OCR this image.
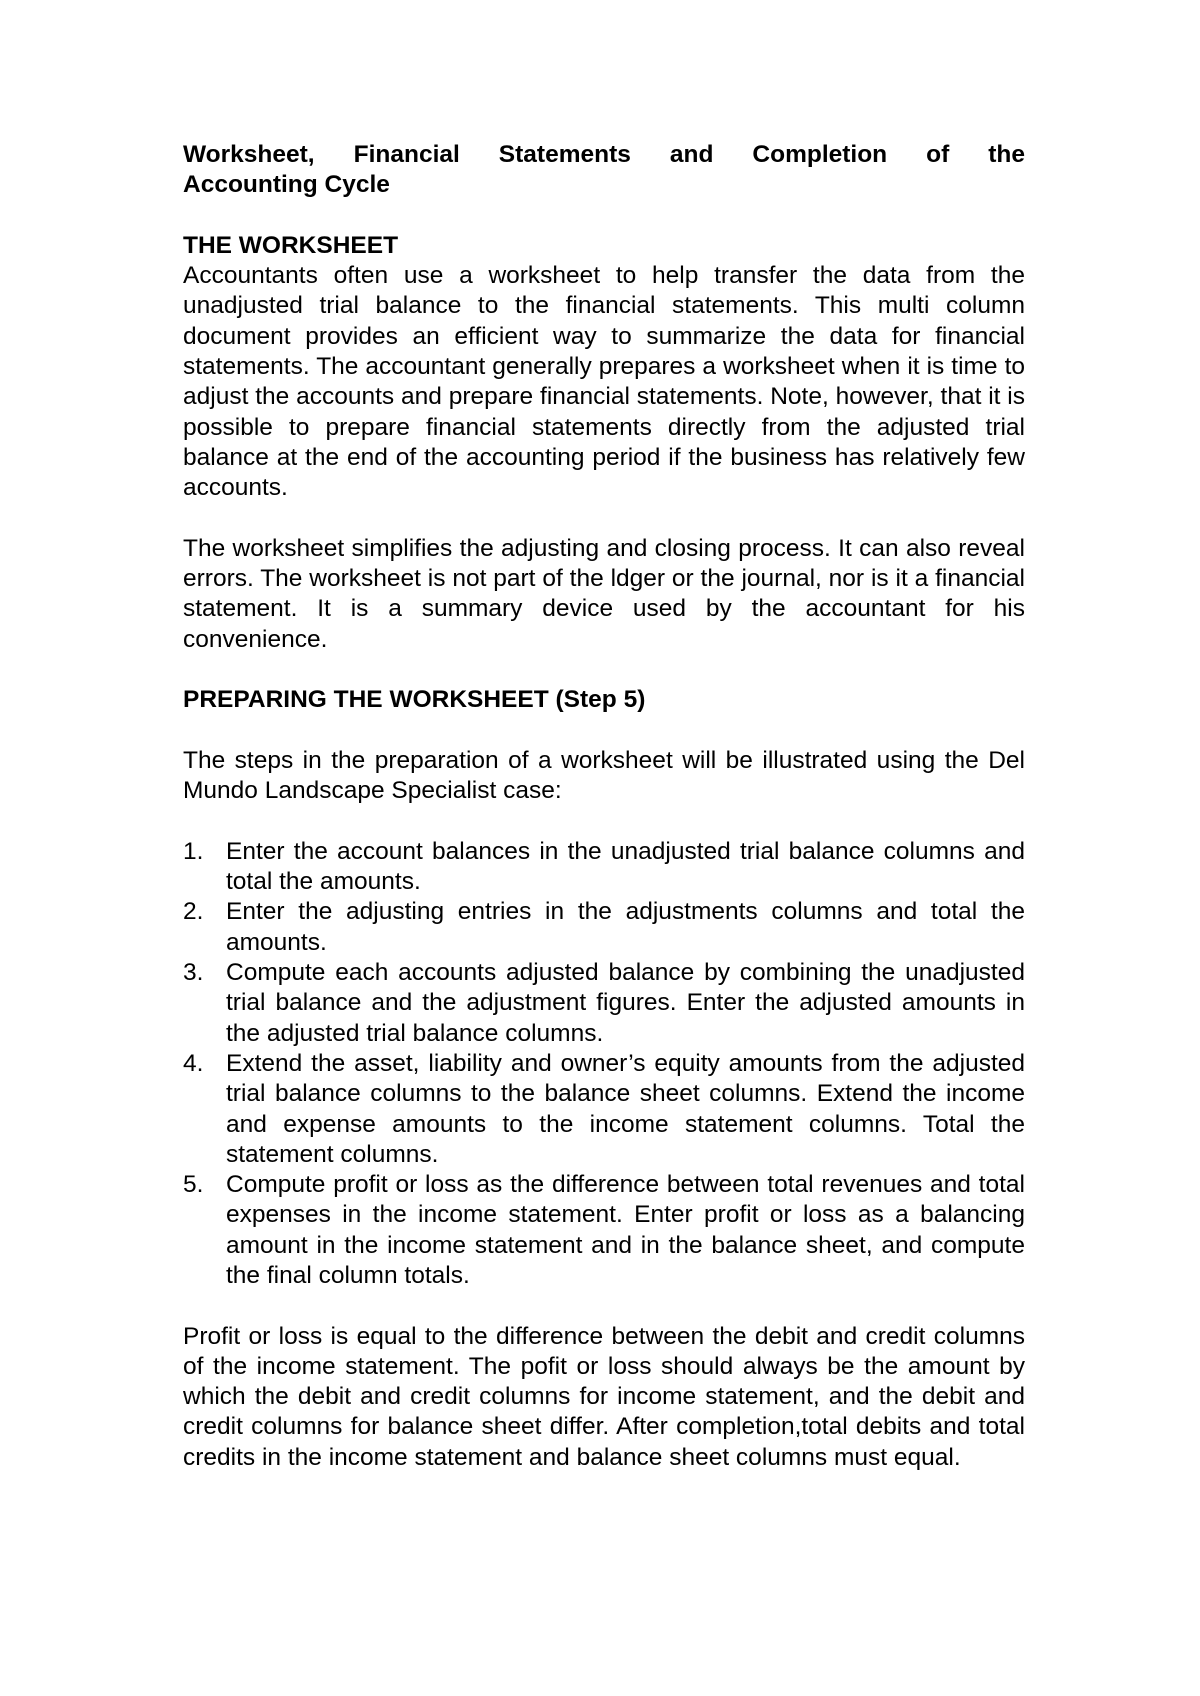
Worksheet, Financial Statements and Completion of the
Accounting Cycle
THE WORKSHEET

Accountants often use a worksheet to help transfer the data from the unadjusted trial balance to the financial statements. This multi column document provides an efficient way to summarize the data for financial statements. The accountant generally prepares a worksheet when it is time to adjust the accounts and prepare financial statements. Note, however, that it is possible to prepare financial statements directly from the adjusted trial balance at the end of the accounting period if the business has relatively few accounts.

The worksheet simplifies the adjusting and closing process. It can also reveal errors. The worksheet is not part of the ldger or the journal, nor is it a financial statement. It is a summary device used by the accountant for his convenience.

PREPARING THE WORKSHEET (Step 5)

The steps in the preparation of a worksheet will be illustrated using the Del Mundo Landscape Specialist case:

1. Enter the account balances in the unadjusted trial balance columns and total the amounts.
2. Enter the adjusting entries in the adjustments columns and total the amounts.
3. Compute each accounts adjusted balance by combining the unadjusted trial balance and the adjustment figures. Enter the adjusted amounts in the adjusted trial balance columns.
4. Extend the asset, liability and owner’s equity amounts from the adjusted trial balance columns to the balance sheet columns. Extend the income and expense amounts to the income statement columns. Total the statement columns.
5. Compute profit or loss as the difference between total revenues and total expenses in the income statement. Enter profit or loss as a balancing amount in the income statement and in the balance sheet, and compute the final column totals.

Profit or loss is equal to the difference between the debit and credit columns of the income statement. The pofit or loss should always be the amount by which the debit and credit columns for income statement, and the debit and credit columns for balance sheet differ. After completion,total debits and total credits in the income statement and balance sheet columns must equal.
